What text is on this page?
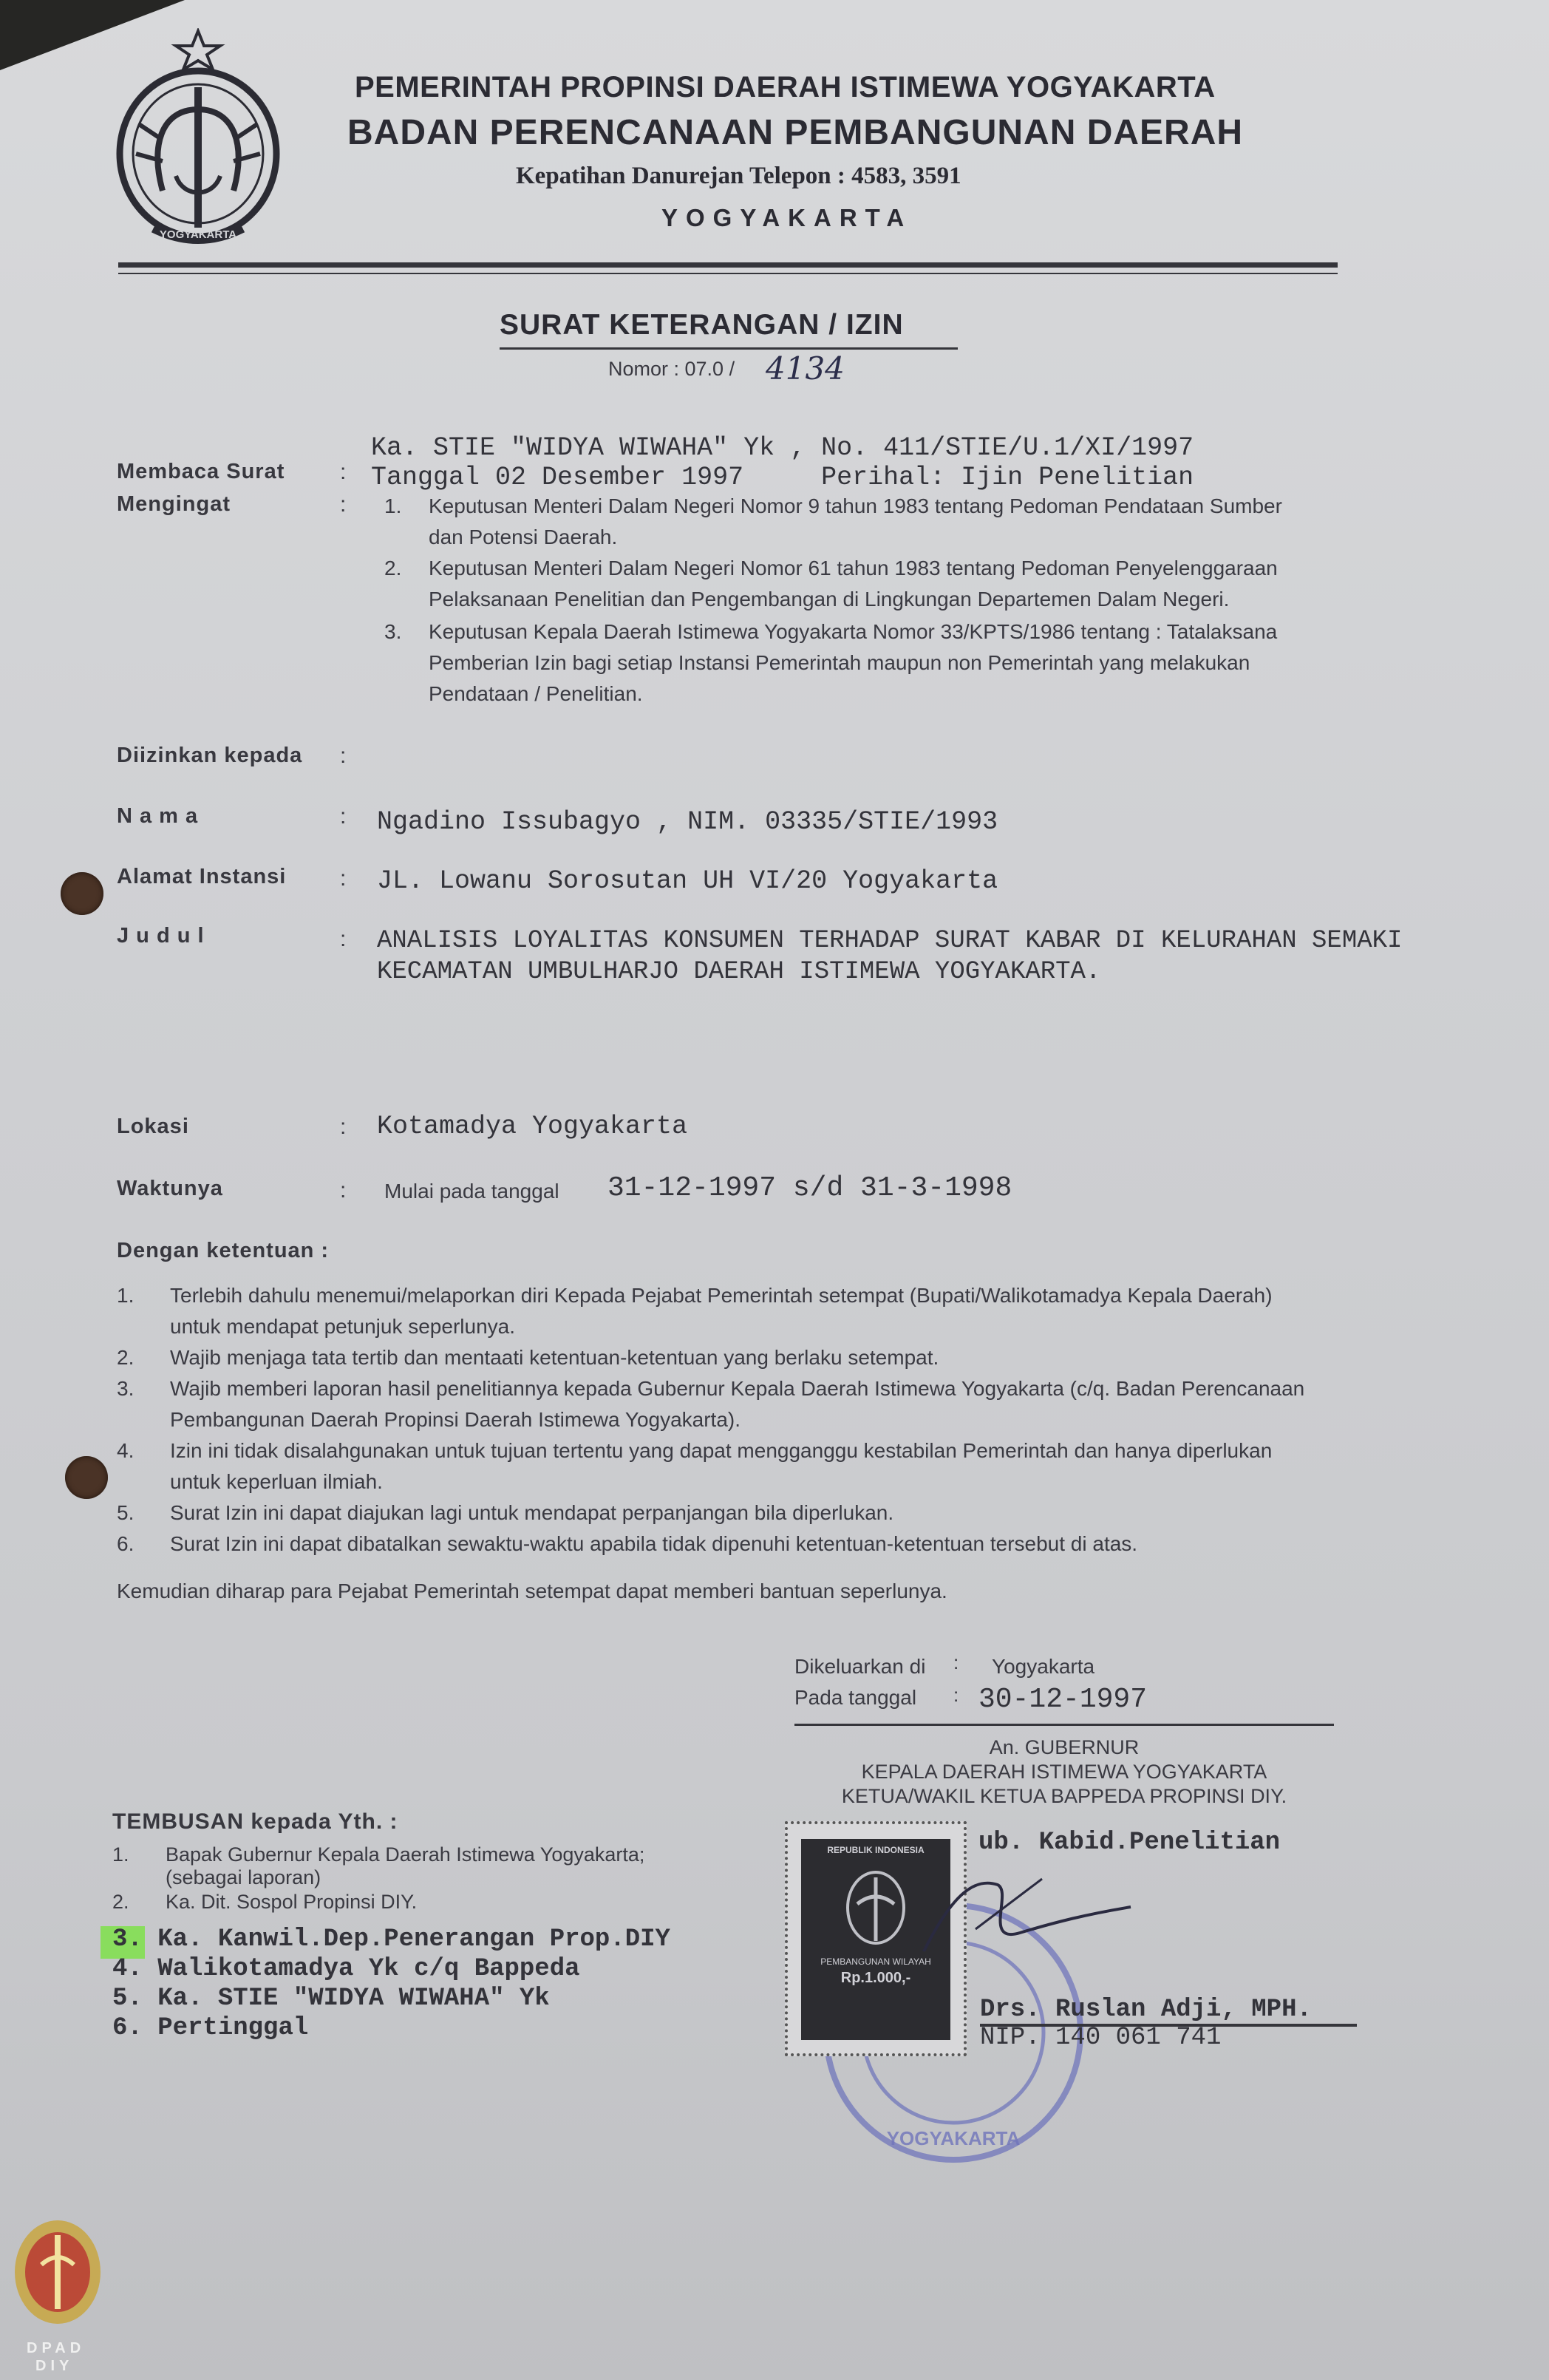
YOGYAKARTA
PEMERINTAH PROPINSI DAERAH ISTIMEWA YOGYAKARTA
BADAN PERENCANAAN PEMBANGUNAN DAERAH
Kepatihan Danurejan Telepon : 4583, 3591
YOGYAKARTA
SURAT KETERANGAN / IZIN
Nomor : 07.0 / 4134
Membaca Surat :
Ka. STIE "WIDYA WIWAHA" Yk , No. 411/STIE/U.1/XI/1997
Tanggal 02 Desember 1997     Perihal: Ijin Penelitian
Mengingat	: 1. Keputusan Menteri Dalam Negeri Nomor 9 tahun 1983 tentang Pedoman Pendataan Sumber
dan Potensi Daerah.
2. Keputusan Menteri Dalam Negeri Nomor 61 tahun 1983 tentang Pedoman Penyelenggaraan
Pelaksanaan Penelitian dan Pengembangan di Lingkungan Departemen Dalam Negeri.
3. Keputusan Kepala Daerah Istimewa Yogyakarta Nomor 33/KPTS/1986 tentang : Tatalaksana
Pemberian Izin bagi setiap Instansi Pemerintah maupun non Pemerintah yang melakukan
Pendataan / Penelitian.
Diizinkan kepada :
N a m a	: Ngadino Issubagyo , NIM. 03335/STIE/1993
Alamat Instansi : JL. Lowanu Sorosutan UH VI/20 Yogyakarta
J u d u l	: ANALISIS LOYALITAS KONSUMEN TERHADAP SURAT KABAR DI KELURAHAN SEMAKI
KECAMATAN UMBULHARJO DAERAH ISTIMEWA YOGYAKARTA.
Lokasi	: Kotamadya Yogyakarta
Waktunya	: Mulai pada tanggal 31-12-1997 s/d 31-3-1998
Dengan ketentuan :
1. Terlebih dahulu menemui/melaporkan diri Kepada Pejabat Pemerintah setempat (Bupati/Walikotamadya Kepala Daerah)
untuk mendapat petunjuk seperlunya.
2. Wajib menjaga tata tertib dan mentaati ketentuan-ketentuan yang berlaku setempat.
3. Wajib memberi laporan hasil penelitiannya kepada Gubernur Kepala Daerah Istimewa Yogyakarta (c/q. Badan Perencanaan
Pembangunan Daerah Propinsi Daerah Istimewa Yogyakarta).
4. Izin ini tidak disalahgunakan untuk tujuan tertentu yang dapat mengganggu kestabilan Pemerintah dan hanya diperlukan
untuk keperluan ilmiah.
5. Surat Izin ini dapat diajukan lagi untuk mendapat perpanjangan bila diperlukan.
6. Surat Izin ini dapat dibatalkan sewaktu-waktu apabila tidak dipenuhi ketentuan-ketentuan tersebut di atas.
Kemudian diharap para Pejabat Pemerintah setempat dapat memberi bantuan seperlunya.
Dikeluarkan di : Yogyakarta
Pada tanggal : 30-12-1997
An. GUBERNUR
KEPALA DAERAH ISTIMEWA YOGYAKARTA
KETUA/WAKIL KETUA BAPPEDA PROPINSI DIY.
ub. Kabid.Penelitian
YOGYAKARTA
REPUBLIK INDONESIA
PEMBANGUNAN WILAYAH
Rp.1.000,-
Drs. Ruslan Adji, MPH.
NIP. 140 061 741
TEMBUSAN kepada Yth. :
1. Bapak Gubernur Kepala Daerah Istimewa Yogyakarta;
(sebagai laporan)
2. Ka. Dit. Sospol Propinsi DIY.
3. Ka. Kanwil.Dep.Penerangan Prop.DIY
4. Walikotamadya Yk c/q Bappeda
5. Ka. STIE "WIDYA WIWAHA" Yk
6. Pertinggal
DPAD
DIY
